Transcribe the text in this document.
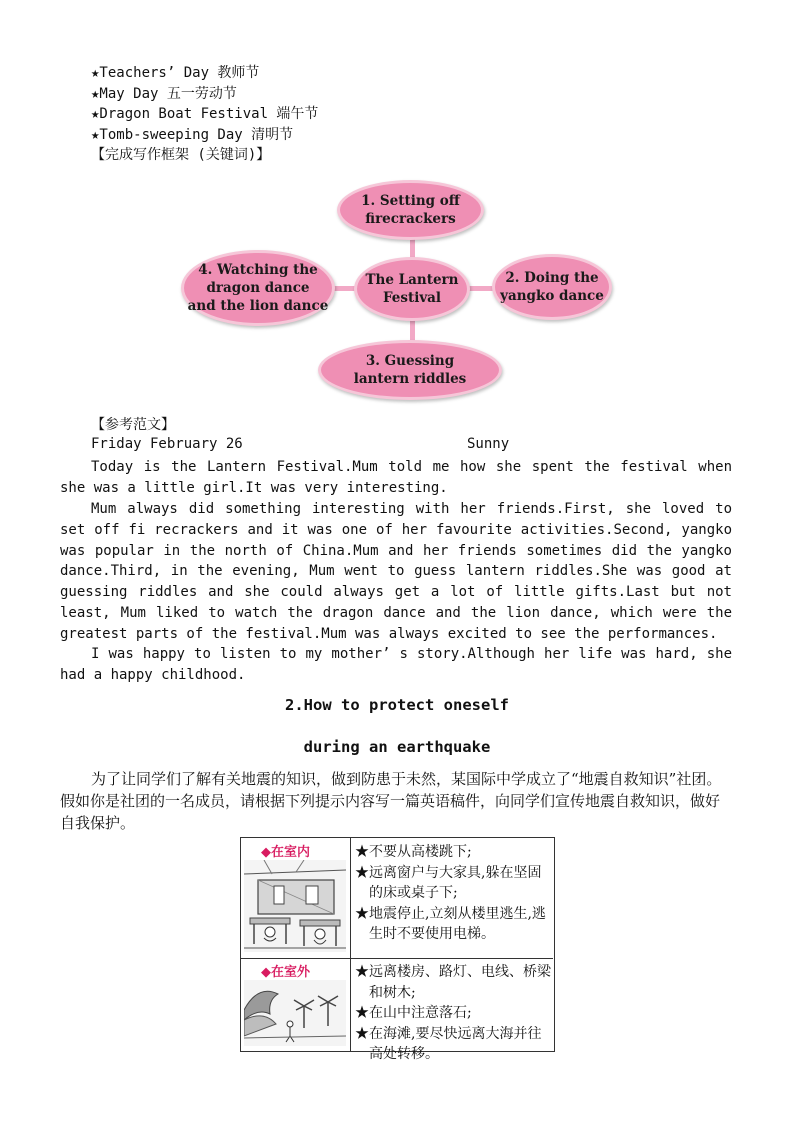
★Teachers’ Day 教师节
★May Day 五一劳动节
★Dragon Boat Festival 端午节
★Tomb-sweeping Day 清明节
【完成写作框架 (关键词)】
1. Setting off
firecrackers
The Lantern
Festival
2. Doing the
yangko dance
3. Guessing
lantern riddles
4. Watching the
dragon dance
and the lion dance
【参考范文】
Friday February 26	Sunny
Today is the Lantern Festival.Mum told me how she spent the festival when she was a little girl.It was very interesting.
Mum always did something interesting with her friends.First, she loved to set off fi recrackers and it was one of her favourite activities.Second, yangko was popular in the north of China.Mum and her friends sometimes did the yangko dance.Third, in the evening, Mum went to guess lantern riddles.She was good at guessing riddles and she could always get a lot of little gifts.Last but not least, Mum liked to watch the dragon dance and the lion dance, which were the greatest parts of the festival.Mum was always excited to see the performances.
I was happy to listen to my mother’ s story.Although her life was hard, she had a happy childhood.
2.How to protect oneself
during an earthquake
为了让同学们了解有关地震的知识，做到防患于未然，某国际中学成立了“地震自救知识”社团。假如你是社团的一名成员，请根据下列提示内容写一篇英语稿件，向同学们宣传地震自救知识，做好自我保护。
◆在室内	★不要从高楼跳下;
★远离窗户与大家具,躲在坚固的床或桌子下;
★地震停止,立刻从楼里逃生,逃生时不要使用电梯。
◆在室外	★远离楼房、路灯、电线、桥梁和树木;
★在山中注意落石;
★在海滩,要尽快远离大海并往高处转移。
